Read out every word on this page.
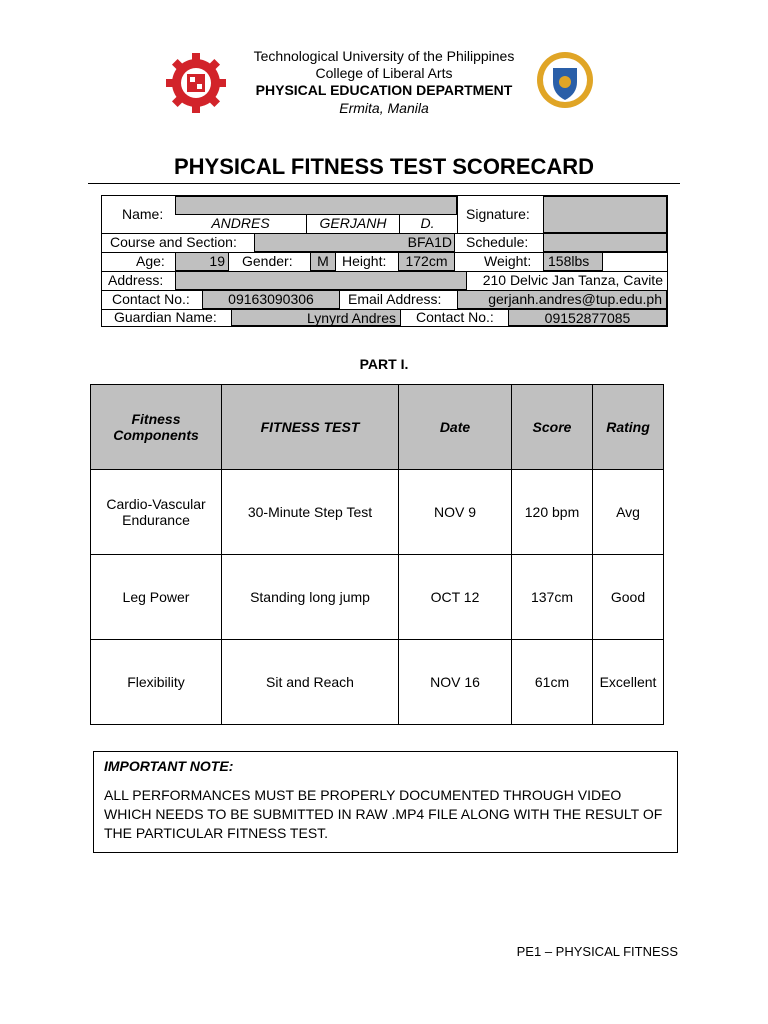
Technological University of the Philippines
College of Liberal Arts
PHYSICAL EDUCATION DEPARTMENT
Ermita, Manila
PHYSICAL FITNESS TEST SCORECARD
Name:
ANDRES	GERJANH	D.
Signature:
Course and Section:	BFA1D Schedule:
Age:	19 Gender:	M Height:	172cm	Weight:	158lbs
Address:	210 Delvic Jan Tanza, Cavite
Contact No.:	09163090306	Email Address:	gerjanh.andres@tup.edu.ph
Guardian Name:	Lynyrd Andres	Contact No.:	09152877085
PART I.
Fitness Components	FITNESS TEST	Date	Score	Rating
Cardio-Vascular Endurance	30-Minute Step Test	NOV 9	120 bpm	Avg
Leg Power	Standing long jump	OCT 12	137cm	Good
Flexibility	Sit and Reach	NOV 16	61cm	Excellent
IMPORTANT NOTE:
ALL PERFORMANCES MUST BE PROPERLY DOCUMENTED THROUGH VIDEO WHICH NEEDS TO BE SUBMITTED IN RAW .MP4 FILE ALONG WITH THE RESULT OF THE PARTICULAR FITNESS TEST.
PE1 – PHYSICAL FITNESS
